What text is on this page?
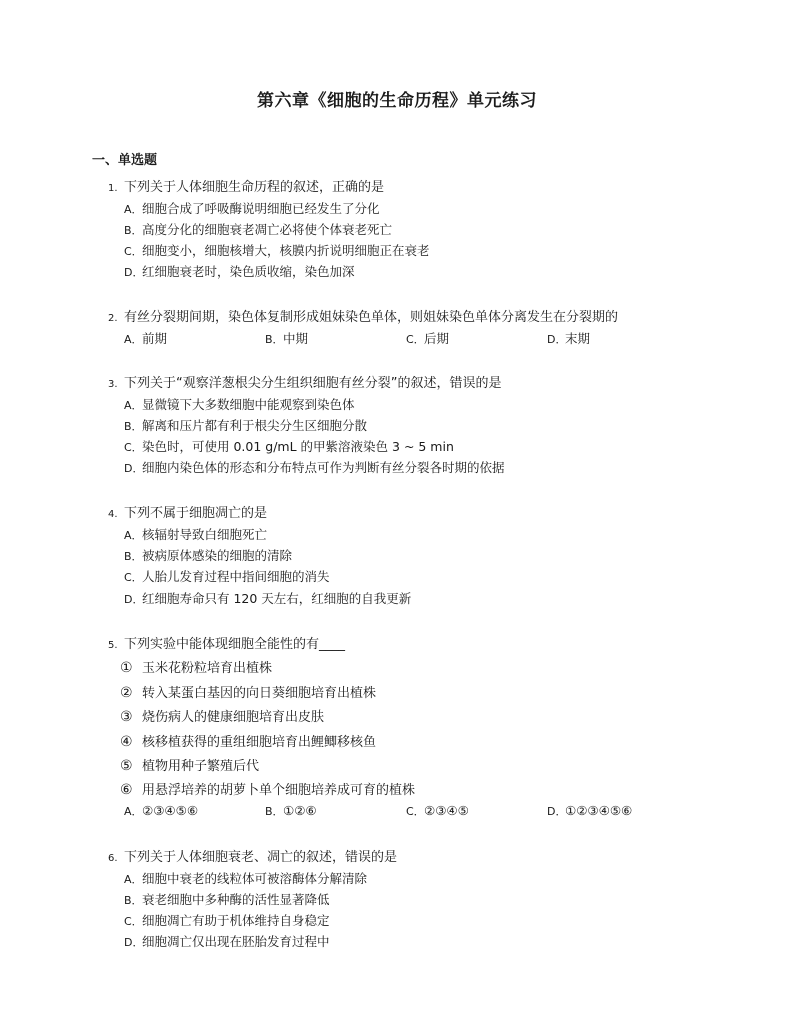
第六章《细胞的生命历程》单元练习
一、单选题
1. 下列关于人体细胞生命历程的叙述，正确的是
A．细胞合成了呼吸酶说明细胞已经发生了分化
B．高度分化的细胞衰老凋亡必将使个体衰老死亡
C．细胞变小，细胞核增大，核膜内折说明细胞正在衰老
D．红细胞衰老时，染色质收缩，染色加深
2. 有丝分裂期间期，染色体复制形成姐妹染色单体，则姐妹染色单体分离发生在分裂期的
A．前期	B．中期	C．后期	D．末期
3. 下列关于“观察洋葱根尖分生组织细胞有丝分裂”的叙述，错误的是
A．显微镜下大多数细胞中能观察到染色体
B．解离和压片都有利于根尖分生区细胞分散
C．染色时，可使用 0.01 g/mL 的甲紫溶液染色 3 ~ 5 min
D．细胞内染色体的形态和分布特点可作为判断有丝分裂各时期的依据
4. 下列不属于细胞凋亡的是
A．核辐射导致白细胞死亡
B．被病原体感染的细胞的清除
C．人胎儿发育过程中指间细胞的消失
D．红细胞寿命只有 120 天左右，红细胞的自我更新
5. 下列实验中能体现细胞全能性的有____
① 玉米花粉粒培育出植株
② 转入某蛋白基因的向日葵细胞培育出植株
③ 烧伤病人的健康细胞培育出皮肤
④ 核移植获得的重组细胞培育出鲤鲫移核鱼
⑤ 植物用种子繁殖后代
⑥ 用悬浮培养的胡萝卜单个细胞培养成可育的植株
A．②③④⑤⑥	B．①②⑥	C．②③④⑤	D．①②③④⑤⑥
6. 下列关于人体细胞衰老、凋亡的叙述，错误的是
A．细胞中衰老的线粒体可被溶酶体分解清除
B．衰老细胞中多种酶的活性显著降低
C．细胞凋亡有助于机体维持自身稳定
D．细胞凋亡仅出现在胚胎发育过程中
